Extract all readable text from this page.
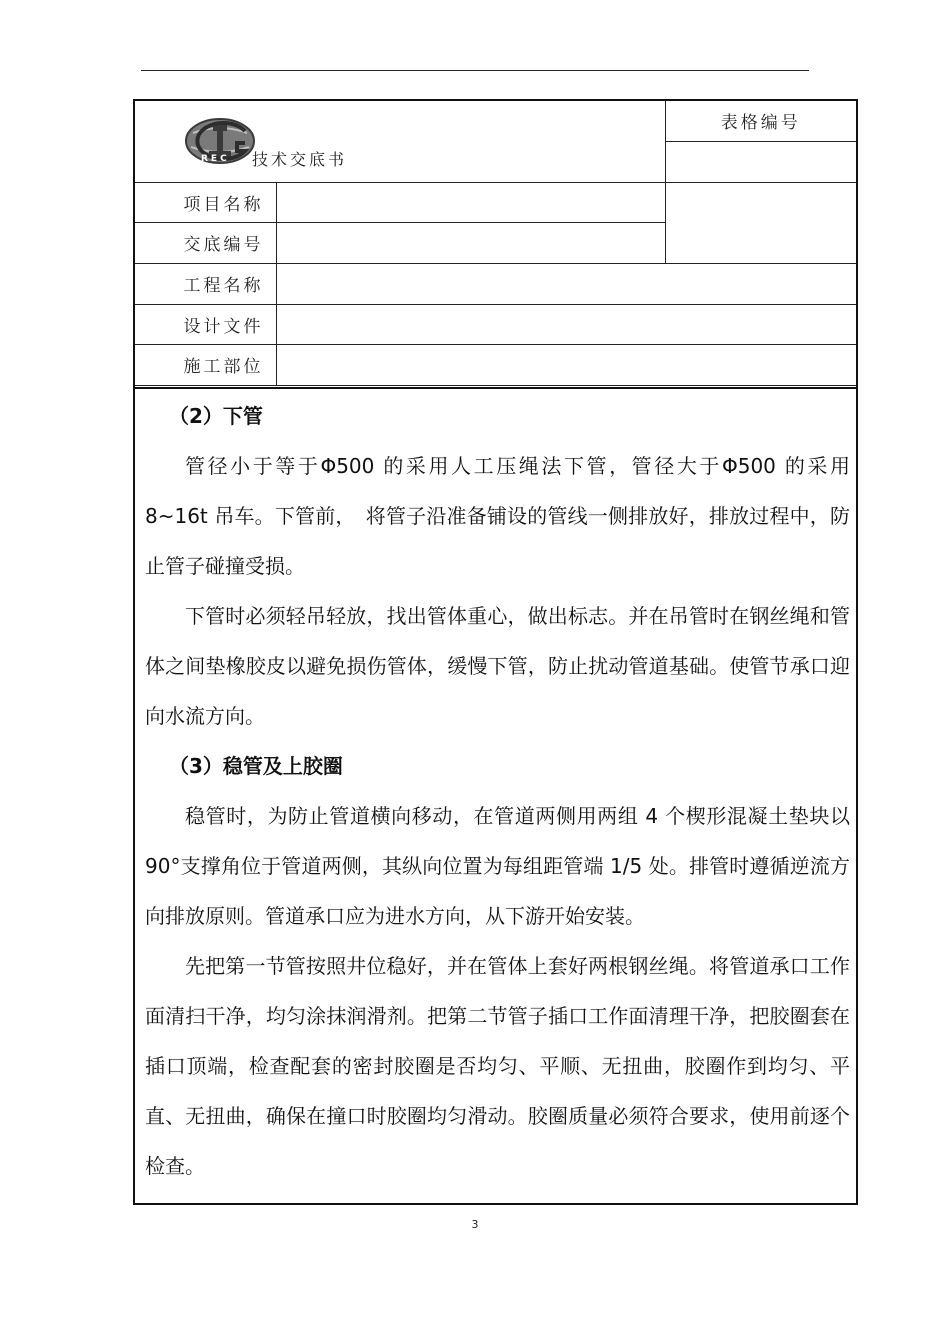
REC 技术交底书		表格编号

项目名称		
交底编号		
工程名称		
设计文件		
施工部位		
（2）下管

管径小于等于Φ500 的采用人工压绳法下管，管径大于Φ500 的采用 8~16t 吊车。下管前，　将管子沿准备铺设的管线一侧排放好，排放过程中，防止管子碰撞受损。

下管时必须轻吊轻放，找出管体重心，做出标志。并在吊管时在钢丝绳和管体之间垫橡胶皮以避免损伤管体，缓慢下管，防止扰动管道基础。使管节承口迎向水流方向。

（3）稳管及上胶圈

稳管时，为防止管道横向移动，在管道两侧用两组 4 个楔形混凝土垫块以 90°支撑角位于管道两侧，其纵向位置为每组距管端 1/5 处。排管时遵循逆流方向排放原则。管道承口应为进水方向，从下游开始安装。

先把第一节管按照井位稳好，并在管体上套好两根钢丝绳。将管道承口工作面清扫干净，均匀涂抹润滑剂。把第二节管子插口工作面清理干净，把胶圈套在插口顶端，检查配套的密封胶圈是否均匀、平顺、无扭曲，胶圈作到均匀、平直、无扭曲，确保在撞口时胶圈均匀滑动。胶圈质量必须符合要求，使用前逐个检查。

3
